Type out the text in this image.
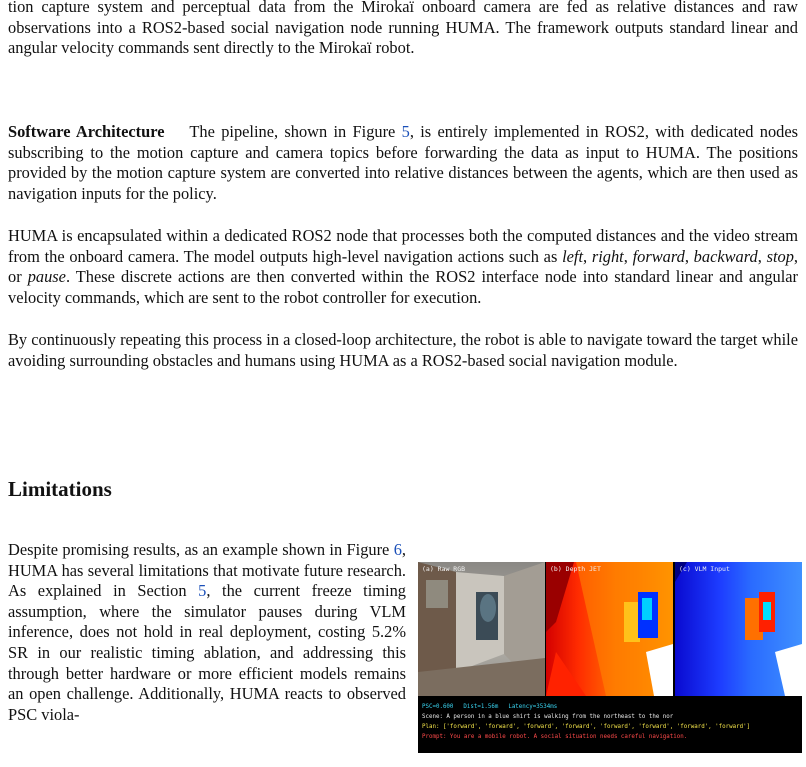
tion capture system and perceptual data from the Mirokaï onboard camera are fed as relative distances and raw observations into a ROS2-based social navigation node running HUMA. The framework outputs standard linear and angular velocity commands sent directly to the Mirokaï robot.

Software Architecture The pipeline, shown in Figure 5, is entirely implemented in ROS2, with dedicated nodes subscribing to the motion capture and camera topics before forwarding the data as input to HUMA. The positions provided by the motion capture system are converted into relative distances between the agents, which are then used as navigation inputs for the policy.

HUMA is encapsulated within a dedicated ROS2 node that processes both the computed distances and the video stream from the onboard camera. The model outputs high-level navigation actions such as left, right, forward, backward, stop, or pause. These discrete actions are then converted within the ROS2 interface node into standard linear and angular velocity commands, which are sent to the robot controller for execution.

By continuously repeating this process in a closed-loop architecture, the robot is able to navigate toward the target while avoiding surrounding obstacles and humans using HUMA as a ROS2-based social navigation module.

Limitations

Despite promising results, as an example shown in Figure 6, HUMA has several limitations that motivate future research. As explained in Section 5, the current freeze timing assumption, where the simulator pauses during VLM inference, does not hold in real deployment, costing 5.2% SR in our realistic timing ablation, and addressing this through better hardware or more efficient models remains an open challenge. Additionally, HUMA reacts to observed PSC viola-

(a) Raw RGB	(b) Depth JET	(c) VLM Input
PSC=0.600 Dist=1.56m Latency=3534ms
Scene: A person in a blue shirt is walking from the northeast to the nor
Plan: ['forward', 'forward', 'forward', 'forward', 'forward', 'forward', 'forward', 'forward']
Prompt: You are a mobile robot. A social situation needs careful navigation.
